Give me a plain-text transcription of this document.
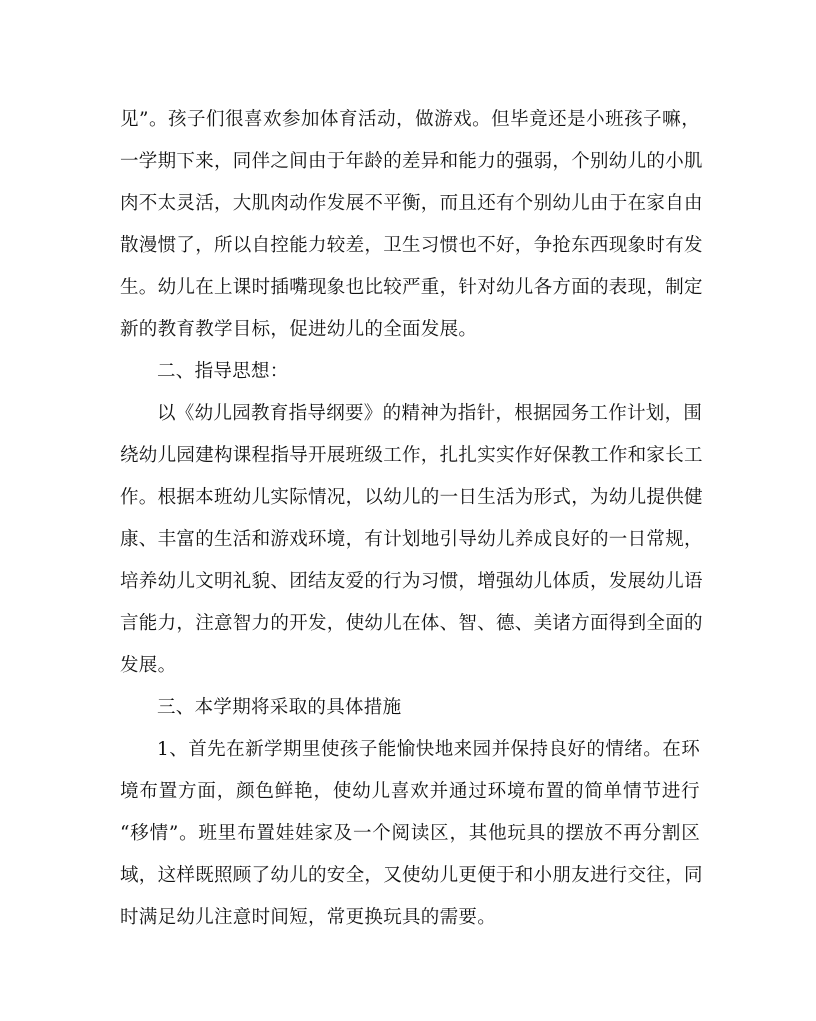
见”。孩子们很喜欢参加体育活动，做游戏。但毕竟还是小班孩子嘛，
一学期下来，同伴之间由于年龄的差异和能力的强弱，个别幼儿的小肌
肉不太灵活，大肌肉动作发展不平衡，而且还有个别幼儿由于在家自由
散漫惯了，所以自控能力较差，卫生习惯也不好，争抢东西现象时有发
生。幼儿在上课时插嘴现象也比较严重，针对幼儿各方面的表现，制定
新的教育教学目标，促进幼儿的全面发展。
二、指导思想：
以《幼儿园教育指导纲要》的精神为指针，根据园务工作计划，围
绕幼儿园建构课程指导开展班级工作，扎扎实实作好保教工作和家长工
作。根据本班幼儿实际情况，以幼儿的一日生活为形式，为幼儿提供健
康、丰富的生活和游戏环境，有计划地引导幼儿养成良好的一日常规，
培养幼儿文明礼貌、团结友爱的行为习惯，增强幼儿体质，发展幼儿语
言能力，注意智力的开发，使幼儿在体、智、德、美诸方面得到全面的
发展。
三、本学期将采取的具体措施
1、首先在新学期里使孩子能愉快地来园并保持良好的情绪。在环
境布置方面，颜色鲜艳，使幼儿喜欢并通过环境布置的简单情节进行
“移情”。班里布置娃娃家及一个阅读区，其他玩具的摆放不再分割区
域，这样既照顾了幼儿的安全，又使幼儿更便于和小朋友进行交往，同
时满足幼儿注意时间短，常更换玩具的需要。
